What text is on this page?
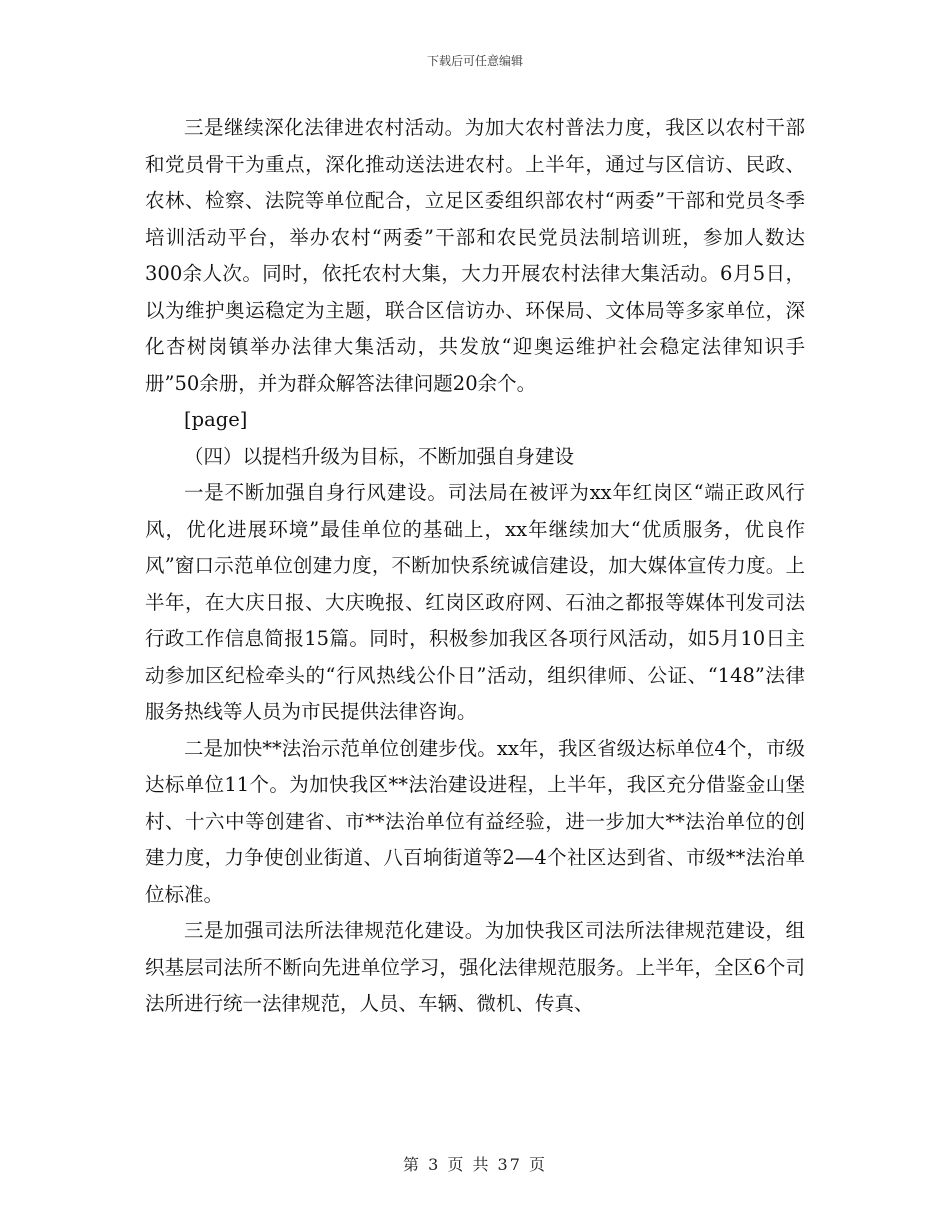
下载后可任意编辑

三是继续深化法律进农村活动。为加大农村普法力度，我区以农村干部和党员骨干为重点，深化推动送法进农村。上半年，通过与区信访、民政、农林、检察、法院等单位配合，立足区委组织部农村“两委”干部和党员冬季培训活动平台，举办农村“两委”干部和农民党员法制培训班，参加人数达300余人次。同时，依托农村大集，大力开展农村法律大集活动。6月5日，以为维护奥运稳定为主题，联合区信访办、环保局、文体局等多家单位，深化杏树岗镇举办法律大集活动，共发放“迎奥运维护社会稳定法律知识手册”50余册，并为群众解答法律问题20余个。

[page]

（四）以提档升级为目标，不断加强自身建设

一是不断加强自身行风建设。司法局在被评为xx年红岗区“端正政风行风，优化进展环境”最佳单位的基础上，xx年继续加大“优质服务，优良作风”窗口示范单位创建力度，不断加快系统诚信建设，加大媒体宣传力度。上半年，在大庆日报、大庆晚报、红岗区政府网、石油之都报等媒体刊发司法行政工作信息简报15篇。同时，积极参加我区各项行风活动，如5月10日主动参加区纪检牵头的“行风热线公仆日”活动，组织律师、公证、“148”法律服务热线等人员为市民提供法律咨询。

二是加快**法治示范单位创建步伐。xx年，我区省级达标单位4个，市级达标单位11个。为加快我区**法治建设进程，上半年，我区充分借鉴金山堡村、十六中等创建省、市**法治单位有益经验，进一步加大**法治单位的创建力度，力争使创业街道、八百垧街道等2—4个社区达到省、市级**法治单位标准。

三是加强司法所法律规范化建设。为加快我区司法所法律规范建设，组织基层司法所不断向先进单位学习，强化法律规范服务。上半年，全区6个司法所进行统一法律规范，人员、车辆、微机、传真、

第 3 页 共 37 页
